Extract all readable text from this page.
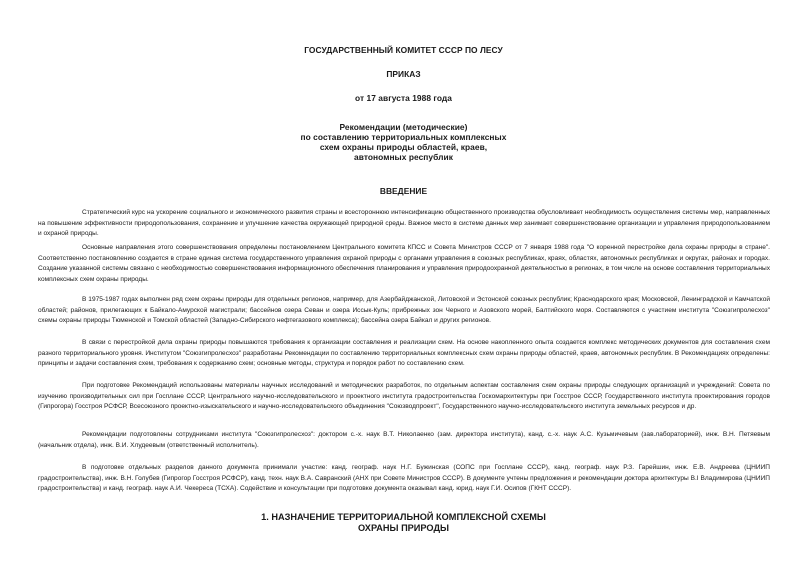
ГОСУДАРСТВЕННЫЙ КОМИТЕТ СССР ПО ЛЕСУ
ПРИКАЗ
от 17 августа 1988 года
Рекомендации (методические)
по составлению территориальных комплексных
схем охраны природы областей, краев,
автономных республик
ВВЕДЕНИЕ

Стратегический курс на ускорение социального и экономического развития страны и всестороннюю интенсификацию общественного производства обусловливает необходимость осуществления системы мер, направленных на повышение эффективности природопользования, сохранение и улучшение качества окружающей природной среды. Важное место в системе данных мер занимает совершенствование организации и управления природопользованием и охраной природы.

Основные направления этого совершенствования определены постановлением Центрального комитета КПСС и Совета Министров СССР от 7 января 1988 года "О коренной перестройке дела охраны природы в стране". Соответственно постановлению создается в стране единая система государственного управления охраной природы с органами управления в союзных республиках, краях, областях, автономных республиках и округах, районах и городах. Создание указанной системы связано с необходимостью совершенствования информационного обеспечения планирования и управления природоохранной деятельностью в регионах, в том числе на основе составления территориальных комплексных схем охраны природы.

В 1975-1987 годах выполнен ряд схем охраны природы для отдельных регионов, например, для Азербайджанской, Литовской и Эстонской союзных республик; Краснодарского края; Московской, Ленинградской и Камчатской областей; районов, прилегающих к Байкало-Амурской магистрали; бассейнов озера Севан и озера Иссык-Куль; прибрежных зон Черного и Азовского морей, Балтийского моря. Составляются с участием института "Союзгипролесхоз" схемы охраны природы Тюменской и Томской областей (Западно-Сибирского нефтегазового комплекса); бассейна озера Байкал и других регионов.

В связи с перестройкой дела охраны природы повышаются требования к организации составления и реализации схем. На основе накопленного опыта создается комплекс методических документов для составления схем разного территориального уровня. Институтом "Союзгипролесхоз" разработаны Рекомендации по составлению территориальных комплексных схем охраны природы областей, краев, автономных республик. В Рекомендациях определены: принципы и задачи составления схем, требования к содержанию схем; основные методы, структура и порядок работ по составлению схем.

При подготовке Рекомендаций использованы материалы научных исследований и методических разработок, по отдельным аспектам составления схем охраны природы следующих организаций и учреждений: Совета по изучению производительных сил при Госплане СССР, Центрального научно-исследовательского и проектного института градостроительства Госкомархитектуры при Госстрое СССР, Государственного института проектирования городов (Гипрогора) Госстроя РСФСР, Всесоюзного проектно-изыскательского и научно-исследовательского объединения "Союзводпроект", Государственного научно-исследовательского института земельных ресурсов и др.

Рекомендации подготовлены сотрудниками института "Союзгипролесхоз": доктором с.-х. наук В.Т. Николаенко (зам. директора института), канд. с.-х. наук А.С. Кузьмичевым (зав.лабораторией), инж. В.Н. Петяевым (начальник отдела), инж. В.И. Хлудеевым (ответственный исполнитель).

В подготовке отдельных разделов данного документа принимали участие: канд. географ. наук Н.Г. Бужинская (СОПС при Госплане СССР), канд. географ. наук Р.З. Гарейшин, инж. Е.В. Андреева (ЦНИИП градостроительства), инж. В.Н. Голубев (Гипрогор Госстроя РСФСР), канд. техн. наук В.А. Савранский (АНХ при Совете Министров СССР). В документе учтены предложения и рекомендации доктора архитектуры В.І Владимирова (ЦНИИП градостроительства) и канд. географ. наук А.И. Чекереса (ТСХА). Содействие и консультации при подготовке документа оказывал канд. юрид. наук Г.И. Осипов (ГКНТ СССР).

1. НАЗНАЧЕНИЕ ТЕРРИТОРИАЛЬНОЙ КОМПЛЕКСНОЙ СХЕМЫ
ОХРАНЫ ПРИРОДЫ
